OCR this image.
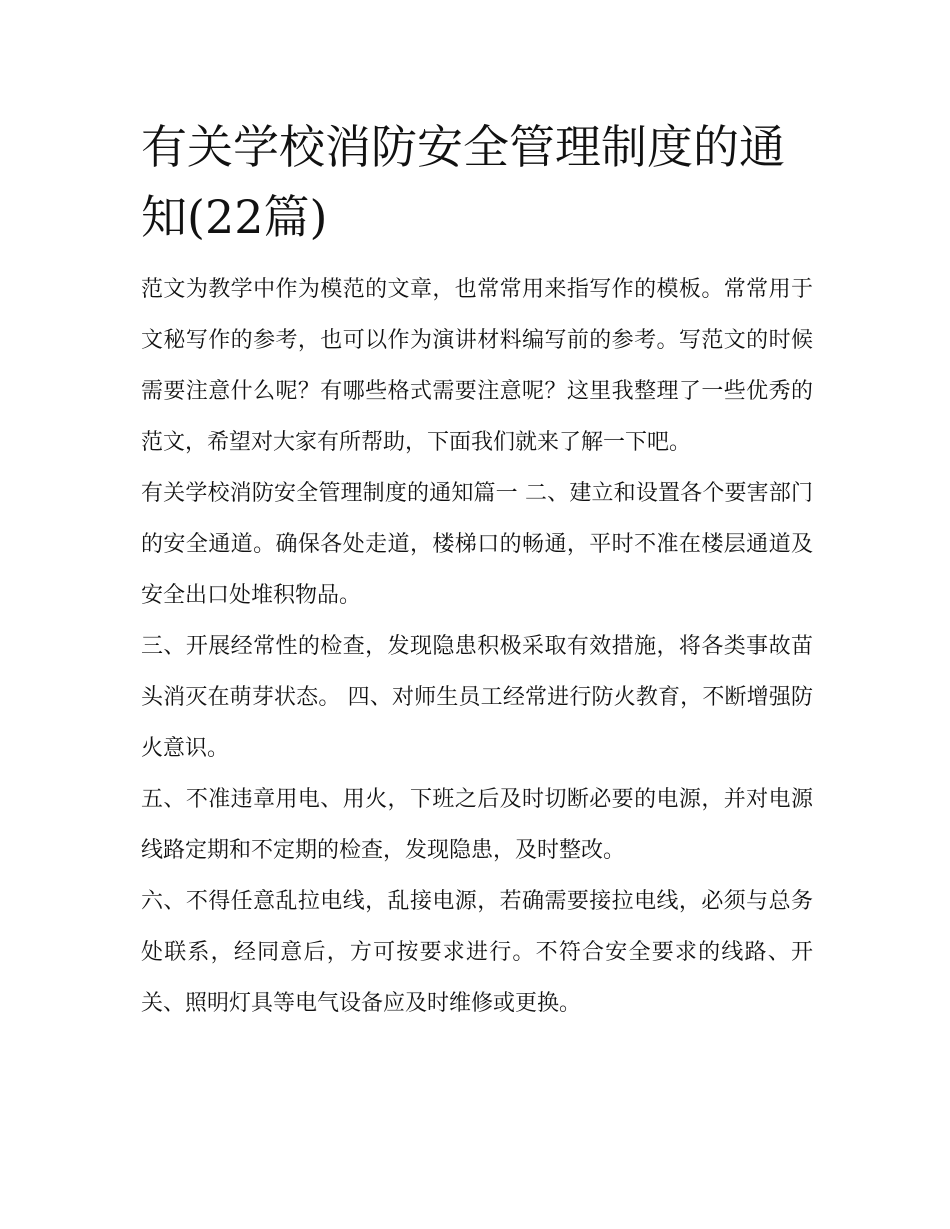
有关学校消防安全管理制度的通知(22篇)

范文为教学中作为模范的文章，也常常用来指写作的模板。常常用于文秘写作的参考，也可以作为演讲材料编写前的参考。写范文的时候需要注意什么呢？有哪些格式需要注意呢？这里我整理了一些优秀的范文，希望对大家有所帮助，下面我们就来了解一下吧。

有关学校消防安全管理制度的通知篇一 二、建立和设置各个要害部门的安全通道。确保各处走道，楼梯口的畅通，平时不准在楼层通道及安全出口处堆积物品。

三、开展经常性的检查，发现隐患积极采取有效措施，将各类事故苗头消灭在萌芽状态。 四、对师生员工经常进行防火教育，不断增强防火意识。

五、不准违章用电、用火，下班之后及时切断必要的电源，并对电源线路定期和不定期的检查，发现隐患，及时整改。

六、不得任意乱拉电线，乱接电源，若确需要接拉电线，必须与总务处联系，经同意后，方可按要求进行。不符合安全要求的线路、开关、照明灯具等电气设备应及时维修或更换。
